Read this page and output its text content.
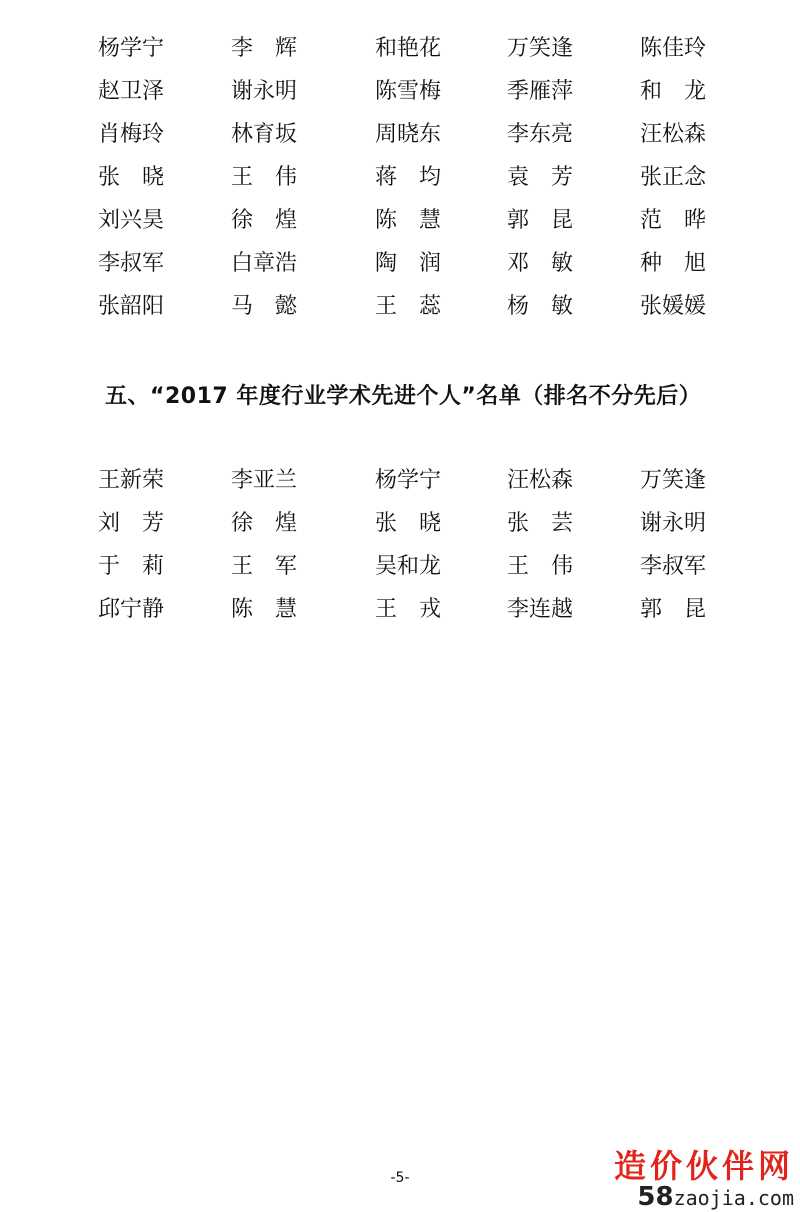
杨学宁	李　辉	和艳花	万笑逢	陈佳玲
赵卫泽	谢永明	陈雪梅	季雁萍	和　龙
肖梅玲	林育坂	周晓东	李东亮	汪松森
张　晓	王　伟	蒋　均	袁　芳	张正念
刘兴昊	徐　煌	陈　慧	郭　昆	范　晔
李叔军	白章浩	陶　润	邓　敏	种　旭
张韶阳	马　懿	王　蕊	杨　敏	张媛媛
五、“2017 年度行业学术先进个人”名单（排名不分先后）
王新荣	李亚兰	杨学宁	汪松森	万笑逢
刘　芳	徐　煌	张　晓	张　芸	谢永明
于　莉	王　军	吴和龙	王　伟	李叔军
邱宁静	陈　慧	王　戎	李连越	郭　昆
-5-	造价伙伴网
58zaojia.com
